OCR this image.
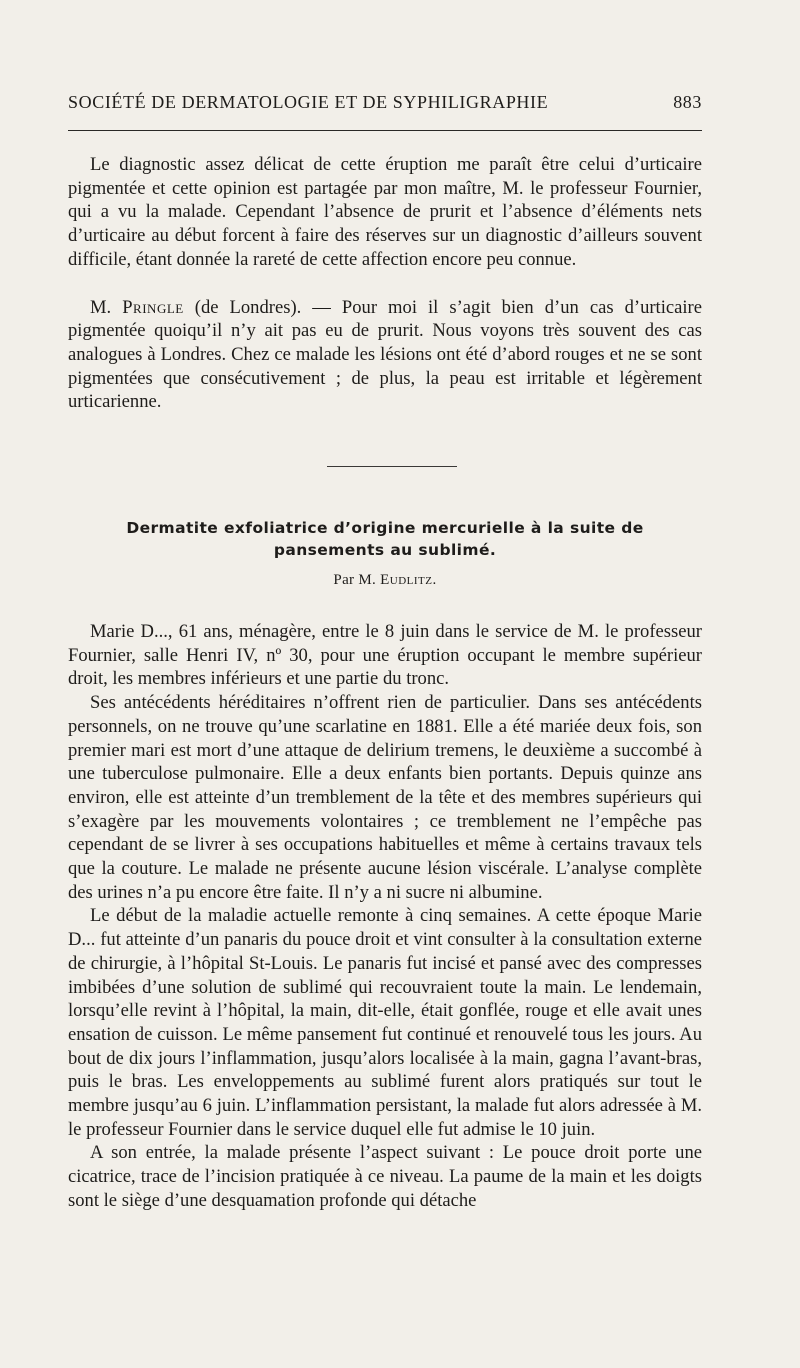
SOCIÉTÉ DE DERMATOLOGIE ET DE SYPHILIGRAPHIE	883

Le diagnostic assez délicat de cette éruption me paraît être celui d’urticaire pigmentée et cette opinion est partagée par mon maître, M. le professeur Fournier, qui a vu la malade. Cependant l’absence de prurit et l’absence d’éléments nets d’urticaire au début forcent à faire des réserves sur un diagnostic d’ailleurs souvent difficile, étant donnée la rareté de cette affection encore peu connue.

M. Pringle (de Londres). — Pour moi il s’agit bien d’un cas d’urticaire pigmentée quoiqu’il n’y ait pas eu de prurit. Nous voyons très souvent des cas analogues à Londres. Chez ce malade les lésions ont été d’abord rouges et ne se sont pigmentées que consécutivement ; de plus, la peau est irritable et légèrement urticarienne.

Dermatite exfoliatrice d’origine mercurielle à la suite de
pansements au sublimé.
Par M. Eudlitz.

Marie D..., 61 ans, ménagère, entre le 8 juin dans le service de M. le professeur Fournier, salle Henri IV, nº 30, pour une éruption occupant le membre supérieur droit, les membres inférieurs et une partie du tronc.

Ses antécédents héréditaires n’offrent rien de particulier. Dans ses antécédents personnels, on ne trouve qu’une scarlatine en 1881. Elle a été mariée deux fois, son premier mari est mort d’une attaque de delirium tremens, le deuxième a succombé à une tuberculose pulmonaire. Elle a deux enfants bien portants. Depuis quinze ans environ, elle est atteinte d’un tremblement de la tête et des membres supérieurs qui s’exagère par les mouvements volontaires ; ce tremblement ne l’empêche pas cependant de se livrer à ses occupations habituelles et même à certains travaux tels que la couture. Le malade ne présente aucune lésion viscérale. L’analyse complète des urines n’a pu encore être faite. Il n’y a ni sucre ni albumine.

Le début de la maladie actuelle remonte à cinq semaines. A cette époque Marie D... fut atteinte d’un panaris du pouce droit et vint consulter à la consultation externe de chirurgie, à l’hôpital St-Louis. Le panaris fut incisé et pansé avec des compresses imbibées d’une solution de sublimé qui recouvraient toute la main. Le lendemain, lorsqu’elle revint à l’hôpital, la main, dit-elle, était gonflée, rouge et elle avait unes ensation de cuisson. Le même pansement fut continué et renouvelé tous les jours. Au bout de dix jours l’inflammation, jusqu’alors localisée à la main, gagna l’avant-bras, puis le bras. Les enveloppements au sublimé furent alors pratiqués sur tout le membre jusqu’au 6 juin. L’inflammation persistant, la malade fut alors adressée à M. le professeur Fournier dans le service duquel elle fut admise le 10 juin.

A son entrée, la malade présente l’aspect suivant : Le pouce droit porte une cicatrice, trace de l’incision pratiquée à ce niveau. La paume de la main et les doigts sont le siège d’une desquamation profonde qui détache
